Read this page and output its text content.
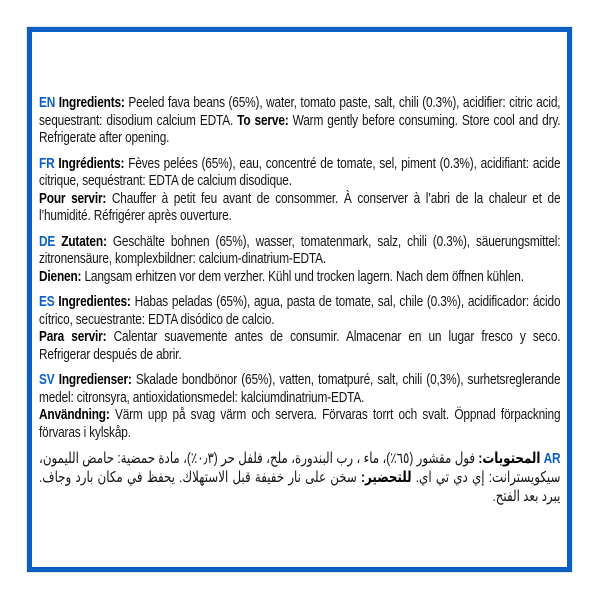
EN Ingredients: Peeled fava beans (65%), water, tomato paste, salt, chili (0.3%), acidifier: citric acid, sequestrant: disodium calcium EDTA. To serve: Warm gently before consuming. Store cool and dry. Refrigerate after opening.

FR Ingrédients: Fèves pelées (65%), eau, concentré de tomate, sel, piment (0.3%), acidifiant: acide citrique, sequéstrant: EDTA de calcium disodique.

Pour servir: Chauffer à petit feu avant de consommer. À conserver à l’abri de la chaleur et de l’humidité. Réfrigérer après ouverture.

DE Zutaten: Geschälte bohnen (65%), wasser, tomatenmark, salz, chili (0.3%), säuerungsmittel: zitronensäure, komplexbildner: calcium-dinatrium-EDTA.

Dienen: Langsam erhitzen vor dem verzher. Kühl und trocken lagern. Nach dem öffnen kühlen.

ES Ingredientes: Habas peladas (65%), agua, pasta de tomate, sal, chile (0.3%), acidificador: ácido cítrico, secuestrante: EDTA disódico de calcio.

Para servir: Calentar suavemente antes de consumir. Almacenar en un lugar fresco y seco. Refrigerar después de abrir.

SV Ingredienser: Skalade bondbönor (65%), vatten, tomatpuré, salt, chili (0,3%), surhetsreglerande medel: citronsyra, antioxidationsmedel: kalciumdinatrium-EDTA.

Användning: Värm upp på svag värm och servera. Förvaras torrt och svalt. Öppnad förpackning förvaras i kylskåp.

AR المحتويات: فول مقشور (٦٥٪)، ماء ، رب البندورة، ملح، فلفل حر (٠٫٣٪)، مادة حمضية: حامض الليمون، سيكويسترانت: إي دي تي اي. للتحضير: سخن على نار خفيفة قبل الاستهلاك. يحفظ في مكان بارد وجاف. يبرد بعد الفتح.
